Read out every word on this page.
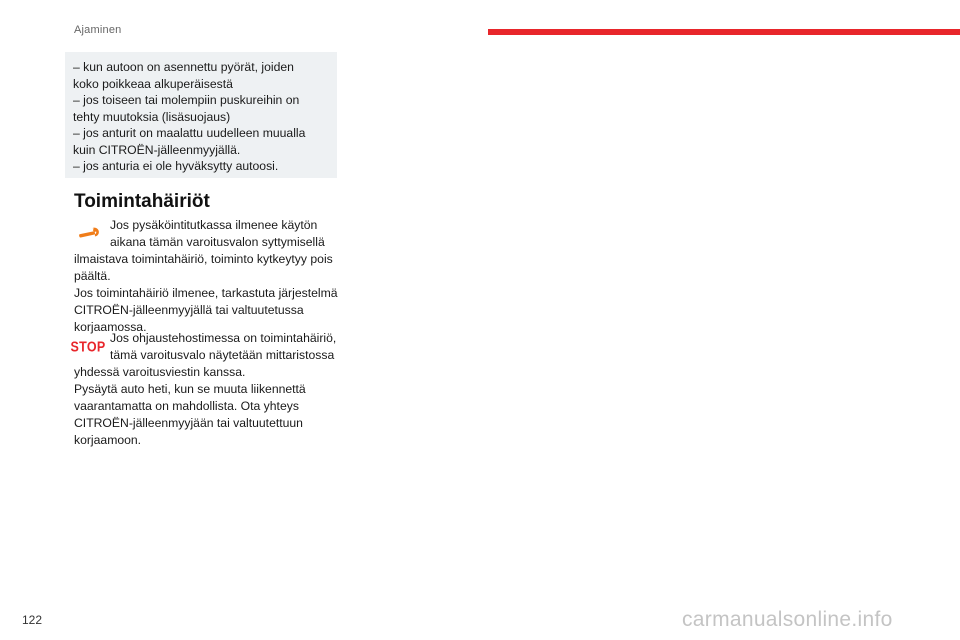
Ajaminen
– kun autoon on asennettu pyörät, joiden
koko poikkeaa alkuperäisestä
– jos toiseen tai molempiin puskureihin on
tehty muutoksia (lisäsuojaus)
– jos anturit on maalattu uudelleen muualla
kuin CITROËN-jälleenmyyjällä.
– jos anturia ei ole hyväksytty autoosi.
Toimintahäiriöt
Jos pysäköintitutkassa ilmenee käytön
aikana tämän varoitusvalon syttymisellä
ilmaistava toimintahäiriö, toiminto kytkeytyy pois
päältä.
Jos toimintahäiriö ilmenee, tarkastuta järjestelmä
CITROËN-jälleenmyyjällä tai valtuutetussa
korjaamossa.
STOP
Jos ohjaustehostimessa on toimintahäiriö,
tämä varoitusvalo näytetään mittaristossa
yhdessä varoitusviestin kanssa.
Pysäytä auto heti, kun se muuta liikennettä
vaarantamatta on mahdollista. Ota yhteys
CITROËN-jälleenmyyjään tai valtuutettuun
korjaamoon.
122	carmanualsonline.info
